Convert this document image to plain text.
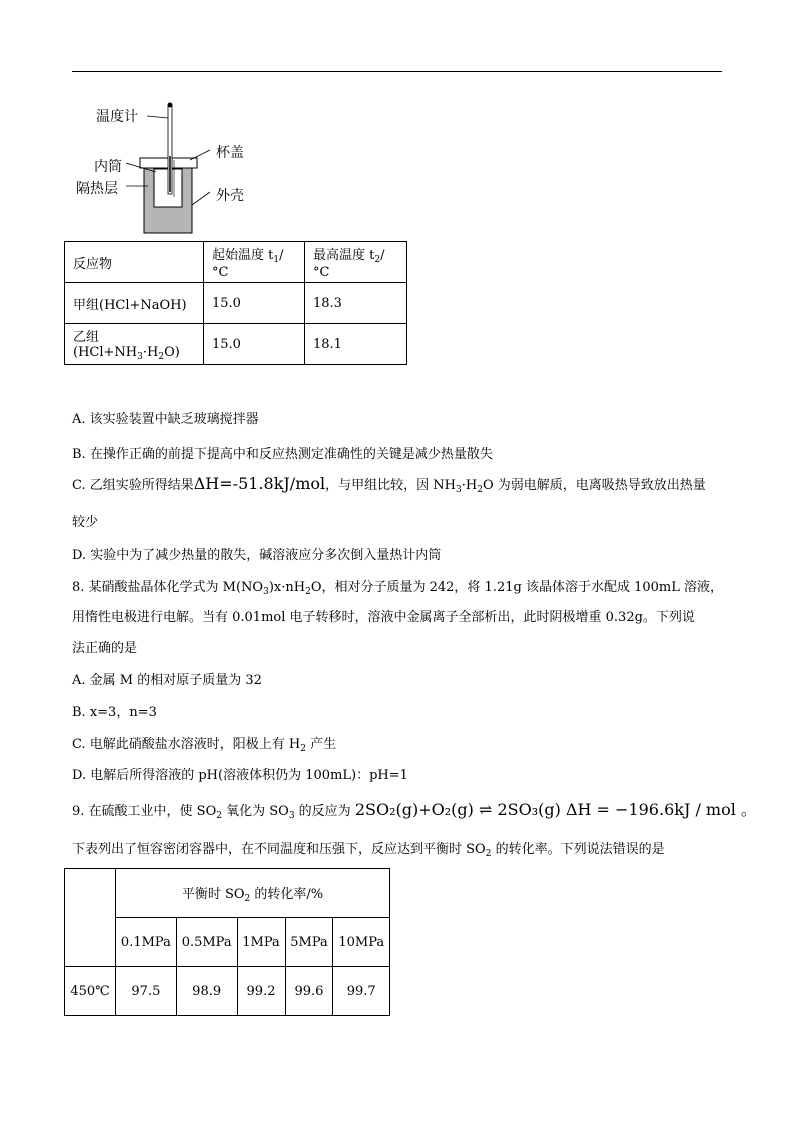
温度计
杯盖
内筒
隔热层	外壳
反应物	起始温度 $t_1/^\circ C$	最高温度 $t_2/^\circ C$
甲组(HCl+NaOH)	15.0	18.3
乙组$(HCl+NH_3\cdot H_2O)$	15.0	18.1
A. 该实验装置中缺乏玻璃搅拌器
B. 在操作正确的前提下提高中和反应热测定准确性的关键是减少热量散失
C. 乙组实验所得结果ΔH=-51.8kJ/mol，与甲组比较，因 $NH_3\cdot H_2O$ 为弱电解质，电离吸热导致放出热量
较少
D. 实验中为了减少热量的散失，碱溶液应分多次倒入量热计内筒
8. 某硝酸盐晶体化学式为 $M(NO_3)x\cdot nH_2O$，相对分子质量为 242，将 1.21g 该晶体溶于水配成 100mL 溶液，
用惰性电极进行电解。当有 0.01mol 电子转移时，溶液中金属离子全部析出，此时阴极增重 0.32g。下列说
法正确的是
A. 金属 M 的相对原子质量为 32
B. x=3，n=3
C. 电解此硝酸盐水溶液时，阳极上有 $H_2$ 产生
D. 电解后所得溶液的 pH(溶液体积仍为 100mL)：pH=1
9. 在硫酸工业中，使 $SO_2$ 氧化为 $SO_3$ 的反应为 2SO₂(g)+O₂(g) ⇌ 2SO₃(g) ΔH = −196.6kJ / mol 。
下表列出了恒容密闭容器中，在不同温度和压强下，反应达到平衡时 $SO_2$ 的转化率。下列说法错误的是
	平衡时 $SO_2$ 的转化率/%				
	0.1MPa	0.5MPa	1MPa	5MPa	10MPa
450℃	97.5	98.9	99.2	99.6	99.7
